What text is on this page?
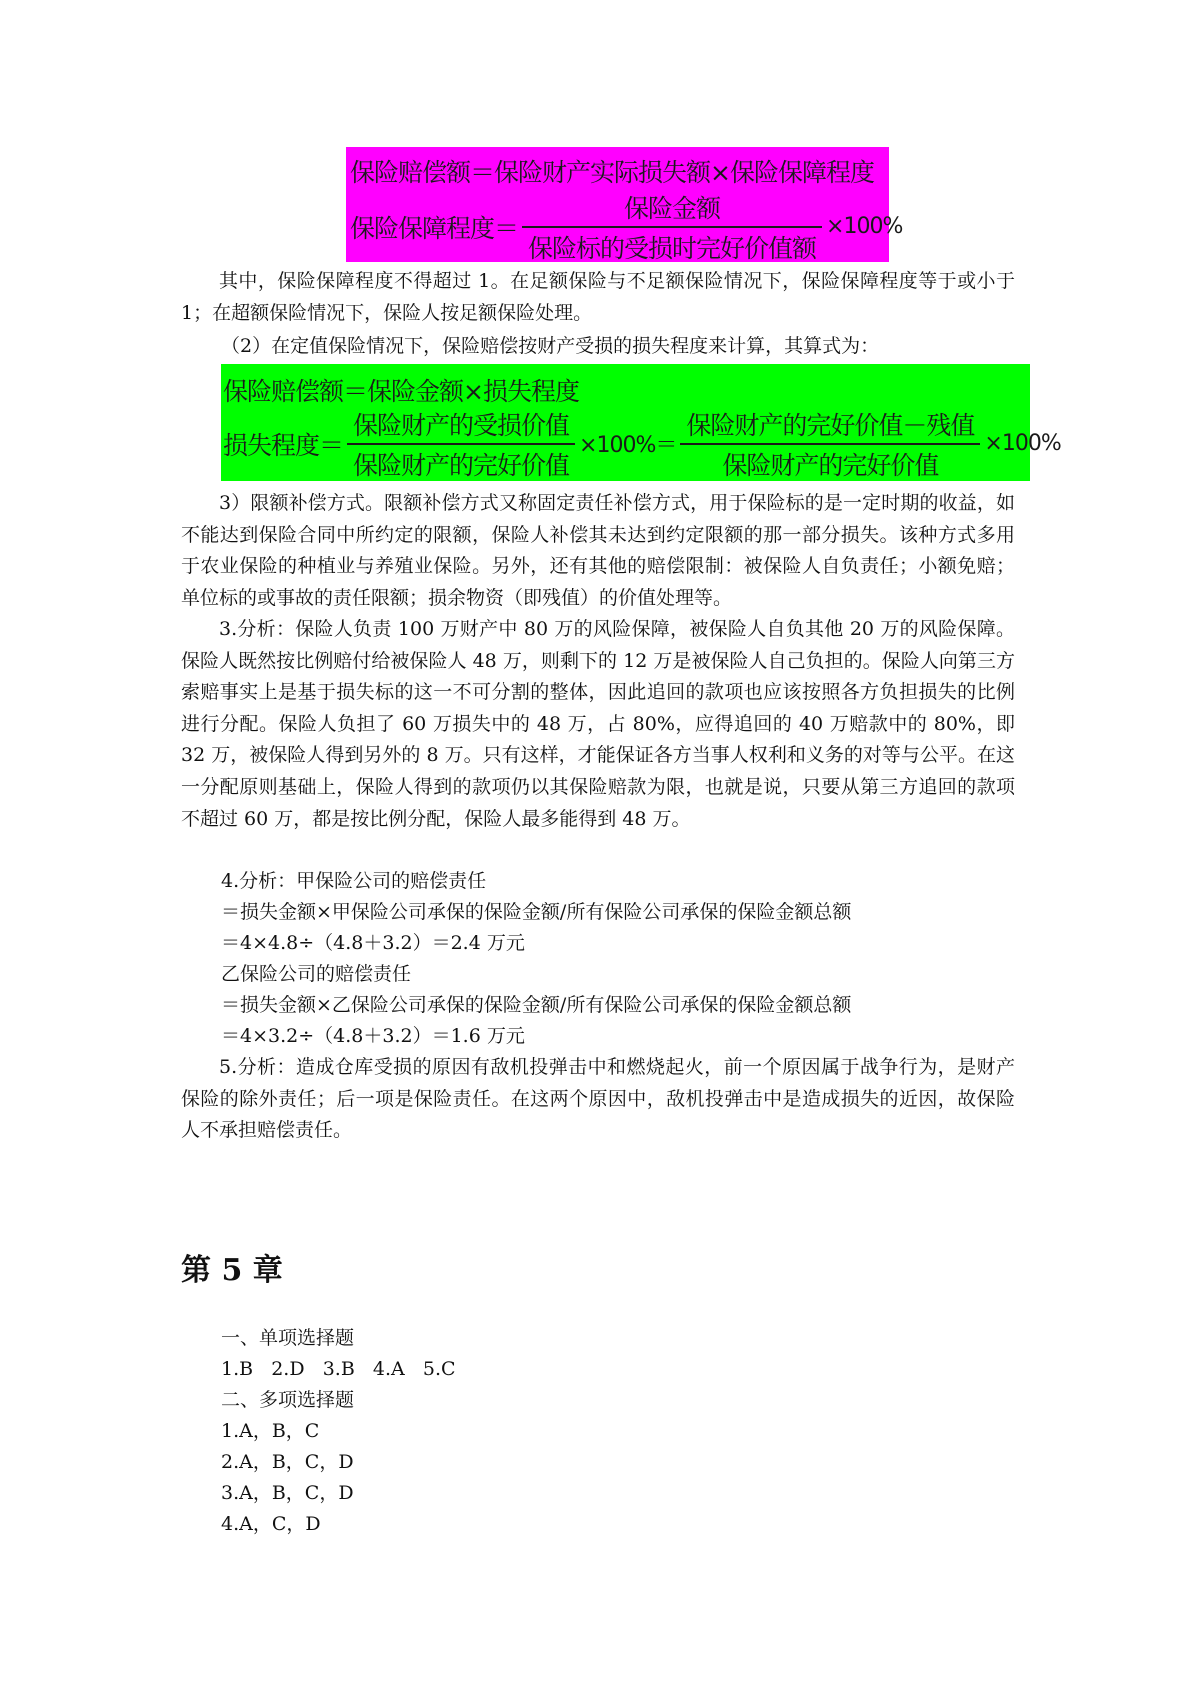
保险赔偿额＝保险财产实际损失额×保险保障程度
保险保障程度＝ $\frac{\text{保险金额}}{\text{保险标的受损时完好价值额}} \times 100\%$

其中，保险保障程度不得超过 1。在足额保险与不足额保险情况下，保险保障程度等于或小于 1；在超额保险情况下，保险人按足额保险处理。

（2）在定值保险情况下，保险赔偿按财产受损的损失程度来计算，其算式为：
保险赔偿额＝保险金额×损失程度
损失程度＝ $\frac{\text{保险财产的受损价值}}{\text{保险财产的完好价值}} \times 100\%= \frac{\text{保险财产的完好价值－残值}}{\text{保险财产的完好价值}} \times 100\%$

3）限额补偿方式。限额补偿方式又称固定责任补偿方式，用于保险标的是一定时期的收益，如不能达到保险合同中所约定的限额，保险人补偿其未达到约定限额的那一部分损失。该种方式多用于农业保险的种植业与养殖业保险。另外，还有其他的赔偿限制：被保险人自负责任；小额免赔；单位标的或事故的责任限额；损余物资（即残值）的价值处理等。

3.分析：保险人负责 100 万财产中 80 万的风险保障，被保险人自负其他 20 万的风险保障。保险人既然按比例赔付给被保险人 48 万，则剩下的 12 万是被保险人自己负担的。保险人向第三方索赔事实上是基于损失标的这一不可分割的整体，因此追回的款项也应该按照各方负担损失的比例进行分配。保险人负担了 60 万损失中的 48 万，占 80%，应得追回的 40 万赔款中的 80%，即 32 万，被保险人得到另外的 8 万。只有这样，才能保证各方当事人权利和义务的对等与公平。在这一分配原则基础上，保险人得到的款项仍以其保险赔款为限，也就是说，只要从第三方追回的款项不超过 60 万，都是按比例分配，保险人最多能得到 48 万。

4.分析：甲保险公司的赔偿责任
＝损失金额×甲保险公司承保的保险金额/所有保险公司承保的保险金额总额
＝4×4.8÷（4.8＋3.2）＝2.4 万元
乙保险公司的赔偿责任
＝损失金额×乙保险公司承保的保险金额/所有保险公司承保的保险金额总额
＝4×3.2÷（4.8＋3.2）＝1.6 万元

5.分析：造成仓库受损的原因有敌机投弹击中和燃烧起火，前一个原因属于战争行为，是财产保险的除外责任；后一项是保险责任。在这两个原因中，敌机投弹击中是造成损失的近因，故保险人不承担赔偿责任。

第 5 章
一、单项选择题
1.B   2.D   3.B   4.A   5.C
二、多项选择题
1.A，B，C
2.A，B，C，D
3.A，B，C，D
4.A，C，D
